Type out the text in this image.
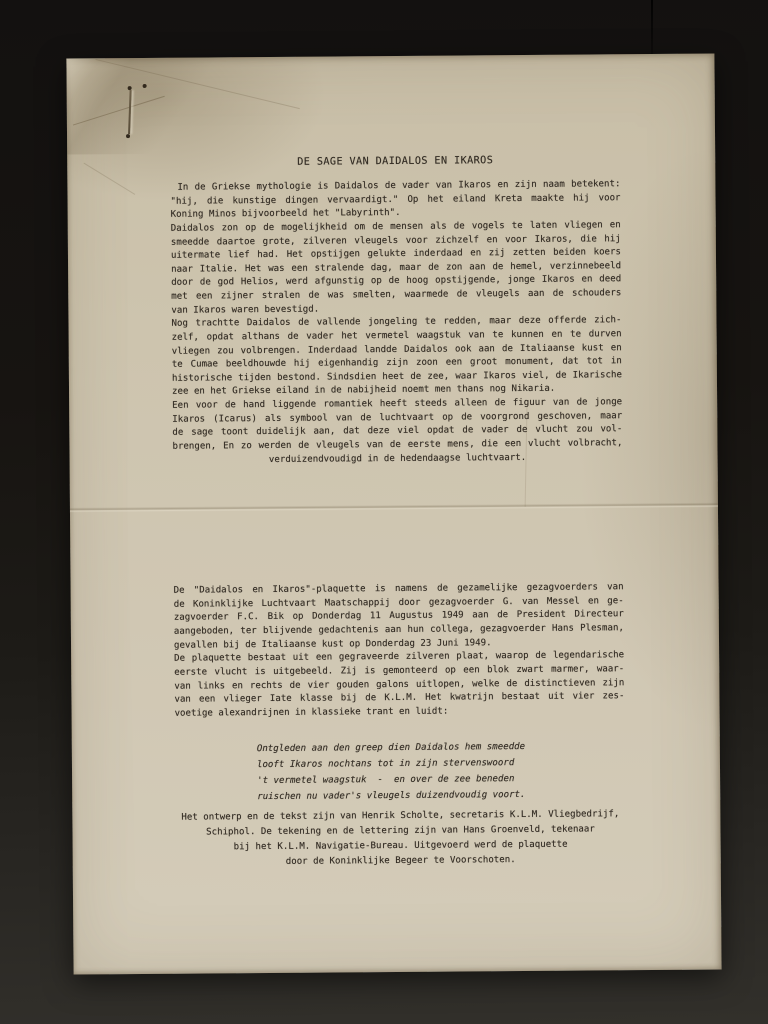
DE SAGE VAN DAIDALOS EN IKAROS
In de Griekse mythologie is Daidalos de vader van Ikaros en zijn naam betekent:
"hij, die kunstige dingen vervaardigt." Op het eiland Kreta maakte hij voor
Koning Minos bijvoorbeeld het "Labyrinth".
Daidalos zon op de mogelijkheid om de mensen als de vogels te laten vliegen en
smeedde daartoe grote, zilveren vleugels voor zichzelf en voor Ikaros, die hij
uitermate lief had. Het opstijgen gelukte inderdaad en zij zetten beiden koers
naar Italie. Het was een stralende dag, maar de zon aan de hemel, verzinnebeeld
door de god Helios, werd afgunstig op de hoog opstijgende, jonge Ikaros en deed
met een zijner stralen de was smelten, waarmede de vleugels aan de schouders
van Ikaros waren bevestigd.
Nog trachtte Daidalos de vallende jongeling te redden, maar deze offerde zich-
zelf, opdat althans de vader het vermetel waagstuk van te kunnen en te durven
vliegen zou volbrengen. Inderdaad landde Daidalos ook aan de Italiaanse kust en
te Cumae beeldhouwde hij eigenhandig zijn zoon een groot monument, dat tot in
historische tijden bestond. Sindsdien heet de zee, waar Ikaros viel, de Ikarische
zee en het Griekse eiland in de nabijheid noemt men thans nog Nikaria.
Een voor de hand liggende romantiek heeft steeds alleen de figuur van de jonge
Ikaros (Icarus) als symbool van de luchtvaart op de voorgrond geschoven, maar
de sage toont duidelijk aan, dat deze viel opdat de vader de vlucht zou vol-
brengen, En zo werden de vleugels van de eerste mens, die een vlucht volbracht,
verduizendvoudigd in de hedendaagse luchtvaart.
De "Daidalos en Ikaros"-plaquette is namens de gezamelijke gezagvoerders van
de Koninklijke Luchtvaart Maatschappij door gezagvoerder G. van Messel en ge-
zagvoerder F.C. Bik op Donderdag 11 Augustus 1949 aan de President Directeur
aangeboden, ter blijvende gedachtenis aan hun collega, gezagvoerder Hans Plesman,
gevallen bij de Italiaanse kust op Donderdag 23 Juni 1949.
De plaquette bestaat uit een gegraveerde zilveren plaat, waarop de legendarische
eerste vlucht is uitgebeeld. Zij is gemonteerd op een blok zwart marmer, waar-
van links en rechts de vier gouden galons uitlopen, welke de distinctieven zijn
van een vlieger Iate klasse bij de K.L.M. Het kwatrijn bestaat uit vier zes-
voetige alexandrijnen in klassieke trant en luidt:
Ontgleden aan den greep dien Daidalos hem smeedde
looft Ikaros nochtans tot in zijn stervenswoord
't vermetel waagstuk  -  en over de zee beneden
ruischen nu vader's vleugels duizendvoudig voort.
Het ontwerp en de tekst zijn van Henrik Scholte, secretaris K.L.M. Vliegbedrijf,
Schiphol. De tekening en de lettering zijn van Hans Groenveld, tekenaar
bij het K.L.M. Navigatie-Bureau. Uitgevoerd werd de plaquette
door de Koninklijke Begeer te Voorschoten.
